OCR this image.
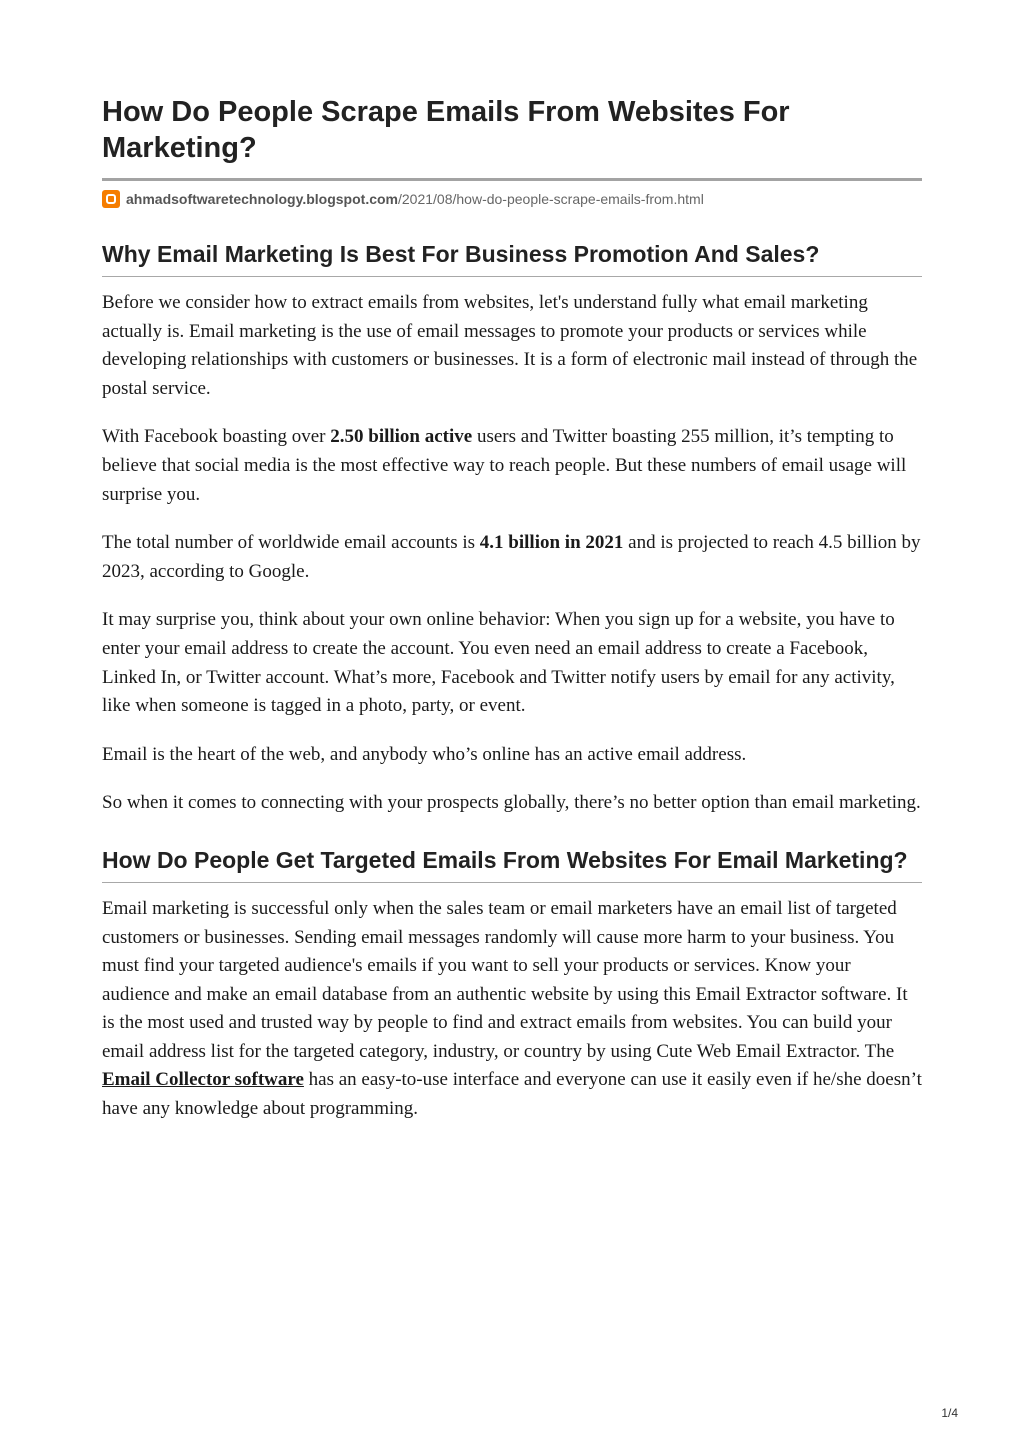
How Do People Scrape Emails From Websites For Marketing?
ahmadsoftwaretechnology.blogspot.com /2021/08/how-do-people-scrape-emails-from.html
Why Email Marketing Is Best For Business Promotion And Sales?

Before we consider how to extract emails from websites, let's understand fully what email marketing actually is. Email marketing is the use of email messages to promote your products or services while developing relationships with customers or businesses. It is a form of electronic mail instead of through the postal service.

With Facebook boasting over 2.50 billion active users and Twitter boasting 255 million, it’s tempting to believe that social media is the most effective way to reach people. But these numbers of email usage will surprise you.

The total number of worldwide email accounts is 4.1 billion in 2021 and is projected to reach 4.5 billion by 2023, according to Google.

It may surprise you, think about your own online behavior: When you sign up for a website, you have to enter your email address to create the account. You even need an email address to create a Facebook, Linked In, or Twitter account. What’s more, Facebook and Twitter notify users by email for any activity, like when someone is tagged in a photo, party, or event.

Email is the heart of the web, and anybody who’s online has an active email address.

So when it comes to connecting with your prospects globally, there’s no better option than email marketing.

How Do People Get Targeted Emails From Websites For Email Marketing?

Email marketing is successful only when the sales team or email marketers have an email list of targeted customers or businesses. Sending email messages randomly will cause more harm to your business. You must find your targeted audience's emails if you want to sell your products or services. Know your audience and make an email database from an authentic website by using this Email Extractor software. It is the most used and trusted way by people to find and extract emails from websites. You can build your email address list for the targeted category, industry, or country by using Cute Web Email Extractor. The Email Collector software has an easy-to-use interface and everyone can use it easily even if he/she doesn’t have any knowledge about programming.

1/4
